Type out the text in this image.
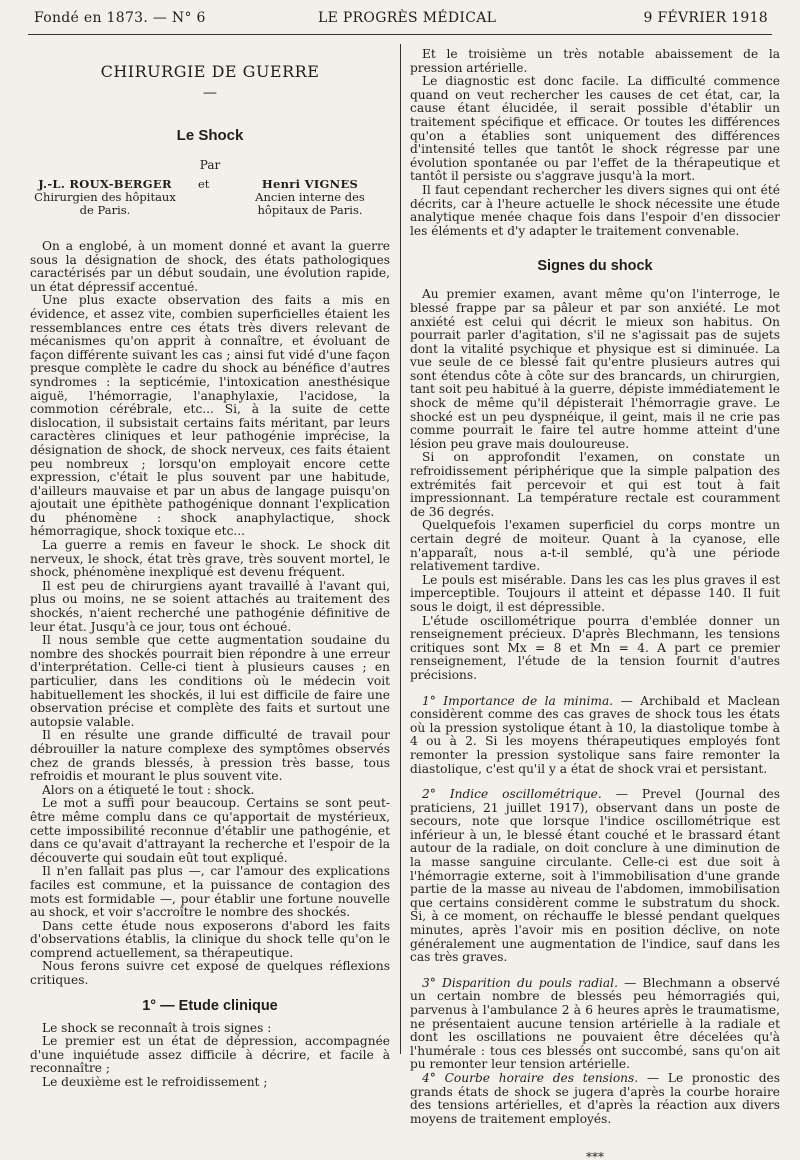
Fondé en 1873. — N° 6	LE PROGRÈS MÉDICAL	9 FÉVRIER 1918
CHIRURGIE DE GUERRE
—
Le Shock
Par
J.-L. ROUX-BERGER
Chirurgien des hôpitaux de Paris.
et	Henri VIGNES
Ancien interne des hôpitaux de Paris.

On a englobé, à un moment donné et avant la guerre sous la désignation de shock, des états pathologiques caractérisés par un début soudain, une évolution rapide, un état dépressif accentué.

Une plus exacte observation des faits a mis en évidence, et assez vite, combien superficielles étaient les ressemblances entre ces états très divers relevant de mécanismes qu'on apprit à connaître, et évoluant de façon différente suivant les cas ; ainsi fut vidé d'une façon presque complète le cadre du shock au bénéfice d'autres syndromes : la septicémie, l'intoxication anesthésique aiguë, l'hémorragie, l'anaphylaxie, l'acidose, la commotion cérébrale, etc... Si, à la suite de cette dislocation, il subsistait certains faits méritant, par leurs caractères cliniques et leur pathogénie imprécise, la désignation de shock, de shock nerveux, ces faits étaient peu nombreux ; lorsqu'on employait encore cette expression, c'était le plus souvent par une habitude, d'ailleurs mauvaise et par un abus de langage puisqu'on ajoutait une épithète pathogénique donnant l'explication du phénomène : shock anaphylactique, shock hémorragique, shock toxique etc...

La guerre a remis en faveur le shock. Le shock dit nerveux, le shock, état très grave, très souvent mortel, le shock, phénomène inexpliqué est devenu fréquent.

Il est peu de chirurgiens ayant travaillé à l'avant qui, plus ou moins, ne se soient attachés au traitement des shockés, n'aient recherché une pathogénie définitive de leur état. Jusqu'à ce jour, tous ont échoué.

Il nous semble que cette augmentation soudaine du nombre des shockés pourrait bien répondre à une erreur d'interprétation. Celle-ci tient à plusieurs causes ; en particulier, dans les conditions où le médecin voit habituellement les shockés, il lui est difficile de faire une observation précise et complète des faits et surtout une autopsie valable.

Il en résulte une grande difficulté de travail pour débrouiller la nature complexe des symptômes observés chez de grands blessés, à pression très basse, tous refroidis et mourant le plus souvent vite.

Alors on a étiqueté le tout : shock.

Le mot a suffi pour beaucoup. Certains se sont peut-être même complu dans ce qu'apportait de mystérieux, cette impossibilité reconnue d'établir une pathogénie, et dans ce qu'avait d'attrayant la recherche et l'espoir de la découverte qui soudain eût tout expliqué.

Il n'en fallait pas plus —, car l'amour des explications faciles est commune, et la puissance de contagion des mots est formidable —, pour établir une fortune nouvelle au shock, et voir s'accroître le nombre des shockés.

Dans cette étude nous exposerons d'abord les faits d'observations établis, la clinique du shock telle qu'on le comprend actuellement, sa thérapeutique.

Nous ferons suivre cet exposé de quelques réflexions critiques.

1° — Etude clinique

Le shock se reconnaît à trois signes :

Le premier est un état de dépression, accompagnée d'une inquiétude assez difficile à décrire, et facile à reconnaître ;

Le deuxième est le refroidissement ;

Et le troisième un très notable abaissement de la pression artérielle.

Le diagnostic est donc facile. La difficulté commence quand on veut rechercher les causes de cet état, car, la cause étant élucidée, il serait possible d'établir un traitement spécifique et efficace. Or toutes les différences qu'on a établies sont uniquement des différences d'intensité telles que tantôt le shock régresse par une évolution spontanée ou par l'effet de la thérapeutique et tantôt il persiste ou s'aggrave jusqu'à la mort.

Il faut cependant rechercher les divers signes qui ont été décrits, car à l'heure actuelle le shock nécessite une étude analytique menée chaque fois dans l'espoir d'en dissocier les éléments et d'y adapter le traitement convenable.

Signes du shock

Au premier examen, avant même qu'on l'interroge, le blessé frappe par sa pâleur et par son anxiété. Le mot anxiété est celui qui décrit le mieux son habitus. On pourrait parler d'agitation, s'il ne s'agissait pas de sujets dont la vitalité psychique et physique est si diminuée. La vue seule de ce blessé fait qu'entre plusieurs autres qui sont étendus côte à côte sur des brancards, un chirurgien, tant soit peu habitué à la guerre, dépiste immédiatement le shock de même qu'il dépisterait l'hémorragie grave. Le shocké est un peu dyspnéique, il geint, mais il ne crie pas comme pourrait le faire tel autre homme atteint d'une lésion peu grave mais douloureuse.

Si on approfondit l'examen, on constate un refroidissement périphérique que la simple palpation des extrémités fait percevoir et qui est tout à fait impressionnant. La température rectale est couramment de 36 degrés.

Quelquefois l'examen superficiel du corps montre un certain degré de moiteur. Quant à la cyanose, elle n'apparaît, nous a-t-il semblé, qu'à une période relativement tardive.

Le pouls est misérable. Dans les cas les plus graves il est imperceptible. Toujours il atteint et dépasse 140. Il fuit sous le doigt, il est dépressible.

L'étude oscillométrique pourra d'emblée donner un renseignement précieux. D'après Blechmann, les tensions critiques sont Mx = 8 et Mn = 4. A part ce premier renseignement, l'étude de la tension fournit d'autres précisions.

1° Importance de la minima. — Archibald et Maclean considèrent comme des cas graves de shock tous les états où la pression systolique étant à 10, la diastolique tombe à 4 ou à 2. Si les moyens thérapeutiques employés font remonter la pression systolique sans faire remonter la diastolique, c'est qu'il y a état de shock vrai et persistant.

2° Indice oscillométrique. — Prevel (Journal des praticiens, 21 juillet 1917), observant dans un poste de secours, note que lorsque l'indice oscillométrique est inférieur à un, le blessé étant couché et le brassard étant autour de la radiale, on doit conclure à une diminution de la masse sanguine circulante. Celle-ci est due soit à l'hémorragie externe, soit à l'immobilisation d'une grande partie de la masse au niveau de l'abdomen, immobilisation que certains considèrent comme le substratum du shock. Si, à ce moment, on réchauffe le blessé pendant quelques minutes, après l'avoir mis en position déclive, on note généralement une augmentation de l'indice, sauf dans les cas très graves.

3° Disparition du pouls radial. — Blechmann a observé un certain nombre de blessés peu hémorragiés qui, parvenus à l'ambulance 2 à 6 heures après le traumatisme, ne présentaient aucune tension artérielle à la radiale et dont les oscillations ne pouvaient être décelées qu'à l'humérale : tous ces blessés ont succombé, sans qu'on ait pu remonter leur tension artérielle.

4° Courbe horaire des tensions. — Le pronostic des grands états de shock se jugera d'après la courbe horaire des tensions artérielles, et d'après la réaction aux divers moyens de traitement employés.

⁎⁎⁎
